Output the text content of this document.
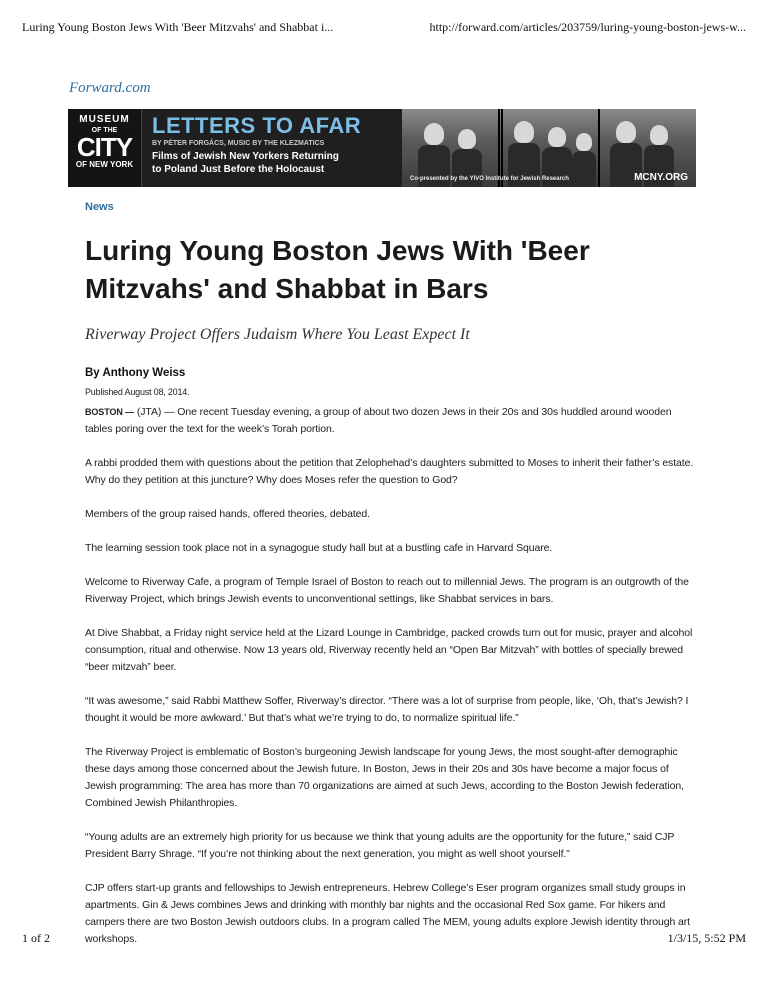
Luring Young Boston Jews With 'Beer Mitzvahs' and Shabbat i...	http://forward.com/articles/203759/luring-young-boston-jews-w...
Forward.com
MUSEUM
OF THE
CITY
OF NEW YORK
LETTERS TO AFAR
BY PÉTER FORGÁCS, MUSIC BY THE KLEZMATICS
Films of Jewish New Yorkers Returning
to Poland Just Before the Holocaust
Co-presented by the YIVO Institute for Jewish Research	MCNY.ORG
News
Luring Young Boston Jews With 'Beer Mitzvahs' and Shabbat in Bars
Riverway Project Offers Judaism Where You Least Expect It
By Anthony Weiss
Published August 08, 2014.

BOSTON — (JTA) — One recent Tuesday evening, a group of about two dozen Jews in their 20s and 30s huddled around wooden tables poring over the text for the week’s Torah portion.

A rabbi prodded them with questions about the petition that Zelophehad’s daughters submitted to Moses to inherit their father’s estate. Why do they petition at this juncture? Why does Moses refer the question to God?

Members of the group raised hands, offered theories, debated.

The learning session took place not in a synagogue study hall but at a bustling cafe in Harvard Square.

Welcome to Riverway Cafe, a program of Temple Israel of Boston to reach out to millennial Jews. The program is an outgrowth of the Riverway Project, which brings Jewish events to unconventional settings, like Shabbat services in bars.

At Dive Shabbat, a Friday night service held at the Lizard Lounge in Cambridge, packed crowds turn out for music, prayer and alcohol consumption, ritual and otherwise. Now 13 years old, Riverway recently held an “Open Bar Mitzvah” with bottles of specially brewed “beer mitzvah” beer.

“It was awesome,” said Rabbi Matthew Soffer, Riverway’s director. “There was a lot of surprise from people, like, ‘Oh, that’s Jewish? I thought it would be more awkward.’ But that’s what we’re trying to do, to normalize spiritual life.”

The Riverway Project is emblematic of Boston’s burgeoning Jewish landscape for young Jews, the most sought-after demographic these days among those concerned about the Jewish future. In Boston, Jews in their 20s and 30s have become a major focus of Jewish programming: The area has more than 70 organizations are aimed at such Jews, according to the Boston Jewish federation, Combined Jewish Philanthropies.

“Young adults are an extremely high priority for us because we think that young adults are the opportunity for the future,” said CJP President Barry Shrage. “If you’re not thinking about the next generation, you might as well shoot yourself.”

CJP offers start-up grants and fellowships to Jewish entrepreneurs. Hebrew College’s Eser program organizes small study groups in apartments. Gin & Jews combines Jews and drinking with monthly bar nights and the occasional Red Sox game. For hikers and campers there are two Boston Jewish outdoors clubs. In a program called The MEM, young adults explore Jewish identity through art workshops.

1 of 2	1/3/15, 5:52 PM
